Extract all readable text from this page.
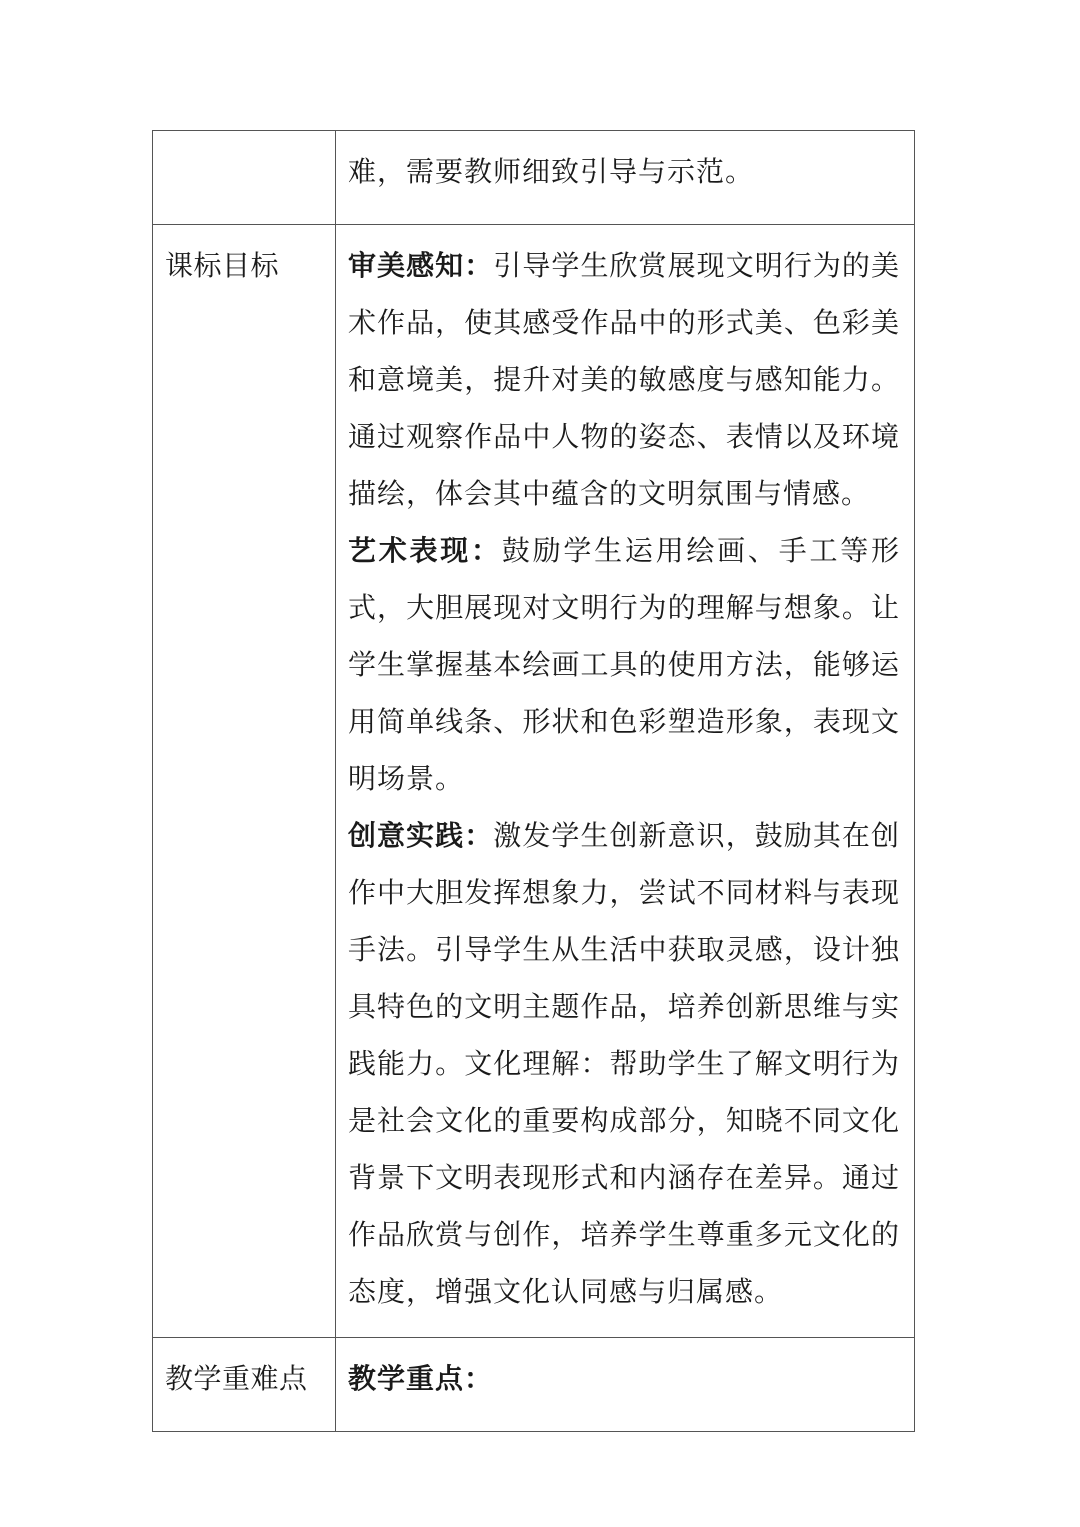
	难，需要教师细致引导与示范。

课标目标	审美感知：引导学生欣赏展现文明行为的美术作品，使其感受作品中的形式美、色彩美和意境美，提升对美的敏感度与感知能力。通过观察作品中人物的姿态、表情以及环境描绘，体会其中蕴含的文明氛围与情感。

艺术表现：鼓励学生运用绘画、手工等形式，大胆展现对文明行为的理解与想象。让学生掌握基本绘画工具的使用方法，能够运用简单线条、形状和色彩塑造形象，表现文明场景。

创意实践：激发学生创新意识，鼓励其在创作中大胆发挥想象力，尝试不同材料与表现手法。引导学生从生活中获取灵感，设计独具特色的文明主题作品，培养创新思维与实践能力。文化理解：帮助学生了解文明行为是社会文化的重要构成部分，知晓不同文化背景下文明表现形式和内涵存在差异。通过作品欣赏与创作，培养学生尊重多元文化的态度，增强文化认同感与归属感。

教学重难点	教学重点：
